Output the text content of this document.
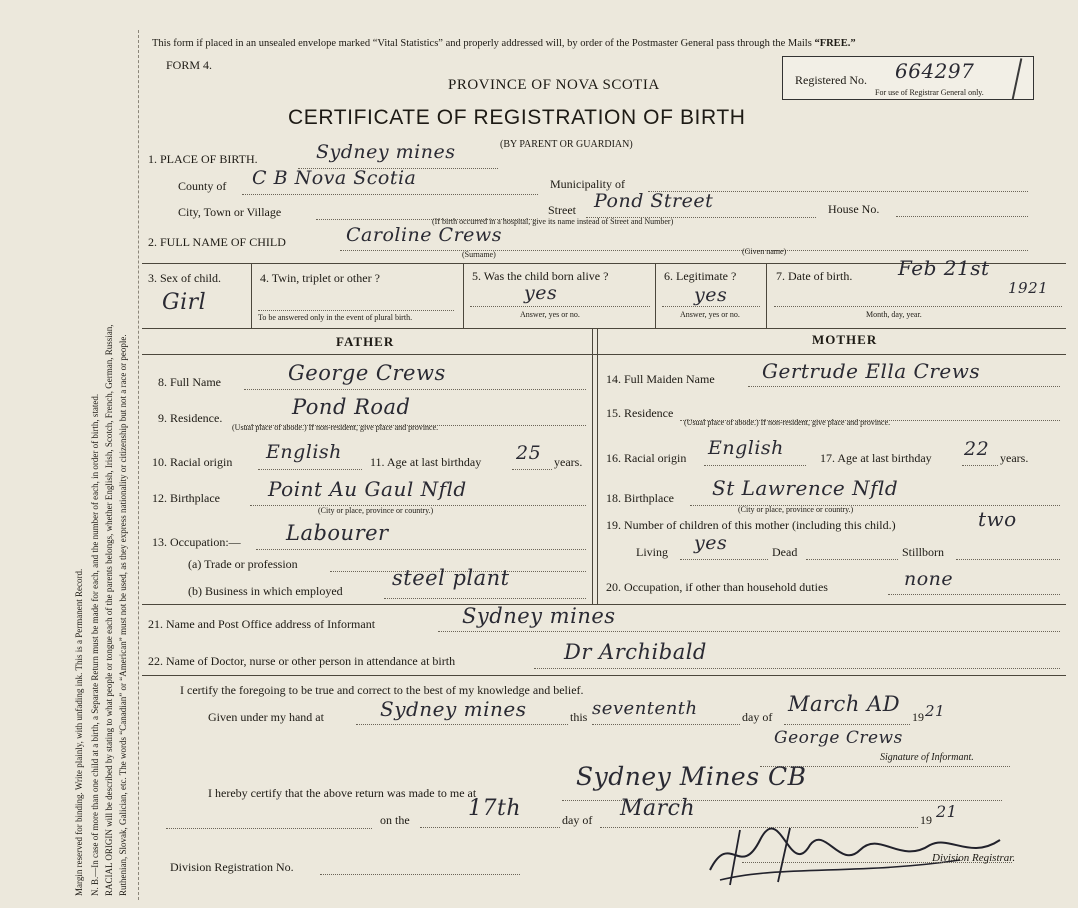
Margin reserved for binding. Write plainly, with unfading ink. This is a Permanent Record. N. B.—In case of more than one child at a birth, a Separate Return must be made for each, and the number of each, in order of birth, stated. RACIAL ORIGIN will be described by stating to what people or tongue each of the parents belongs, whether English, Irish, Scotch, French, German, Russian, Ruthenian, Slovak, Galician, etc. The words “Canadian” or “American” must not be used, as they express nationality or citizenship but not a race or people.
This form if placed in an unsealed envelope marked “Vital Statistics” and properly addressed will, by order of the Postmaster General pass through the Mails “FREE.”
FORM 4.
PROVINCE OF NOVA SCOTIA
CERTIFICATE OF REGISTRATION OF BIRTH
(BY PARENT OR GUARDIAN)
Registered No. 664297
For use of Registrar General only.
1. PLACE OF BIRTH.	Sydney mines
County of C B Nova Scotia	Municipality of
City, Town or Village	Street Pond Street	House No.
(If birth occurred in a hospital, give its name instead of Street and Number)
2. FULL NAME OF CHILD	Caroline Crews
(Surname)	(Given name)
3. Sex of child.
Girl
4. Twin, triplet or other ?
To be answered only in the event of plural birth.
5. Was the child born alive ?
yes
Answer, yes or no.
6. Legitimate ?
yes
Answer, yes or no.
7. Date of birth. Feb 21st
1921
Month, day, year.
FATHER	MOTHER
8. Full Name	George Crews
9. Residence.	Pond Road
(Usual place of abode.) If non-resident, give place and province.
10. Racial origin English 11. Age at last birthday 25 years.
12. Birthplace Point Au Gaul Nfld
(City or place, province or country.)
13. Occupation:— Labourer
(a) Trade or profession
(b) Business in which employed
steel plant
14. Full Maiden Name Gertrude Ella Crews
15. Residence
(Usual place of abode.) If non-resident, give place and province.
16. Racial origin English	17. Age at last birthday 22 years.
18. Birthplace St Lawrence Nfld
(City or place, province or country.)
19. Number of children of this mother (including this child.)	two
Living yes	Dead	Stillborn
20. Occupation, if other than household duties	none
21. Name and Post Office address of Informant	Sydney mines
22. Name of Doctor, nurse or other person in attendance at birth	Dr Archibald
I certify the foregoing to be true and correct to the best of my knowledge and belief.
Given under my hand at	Sydney mines	this sevententh	day of
March AD
19 21
George Crews
Signature of Informant.
I hereby certify that the above return was made to me at
Sydney Mines CB
on the	17th	day of March	19 21
Division Registrar.
Division Registration No.
